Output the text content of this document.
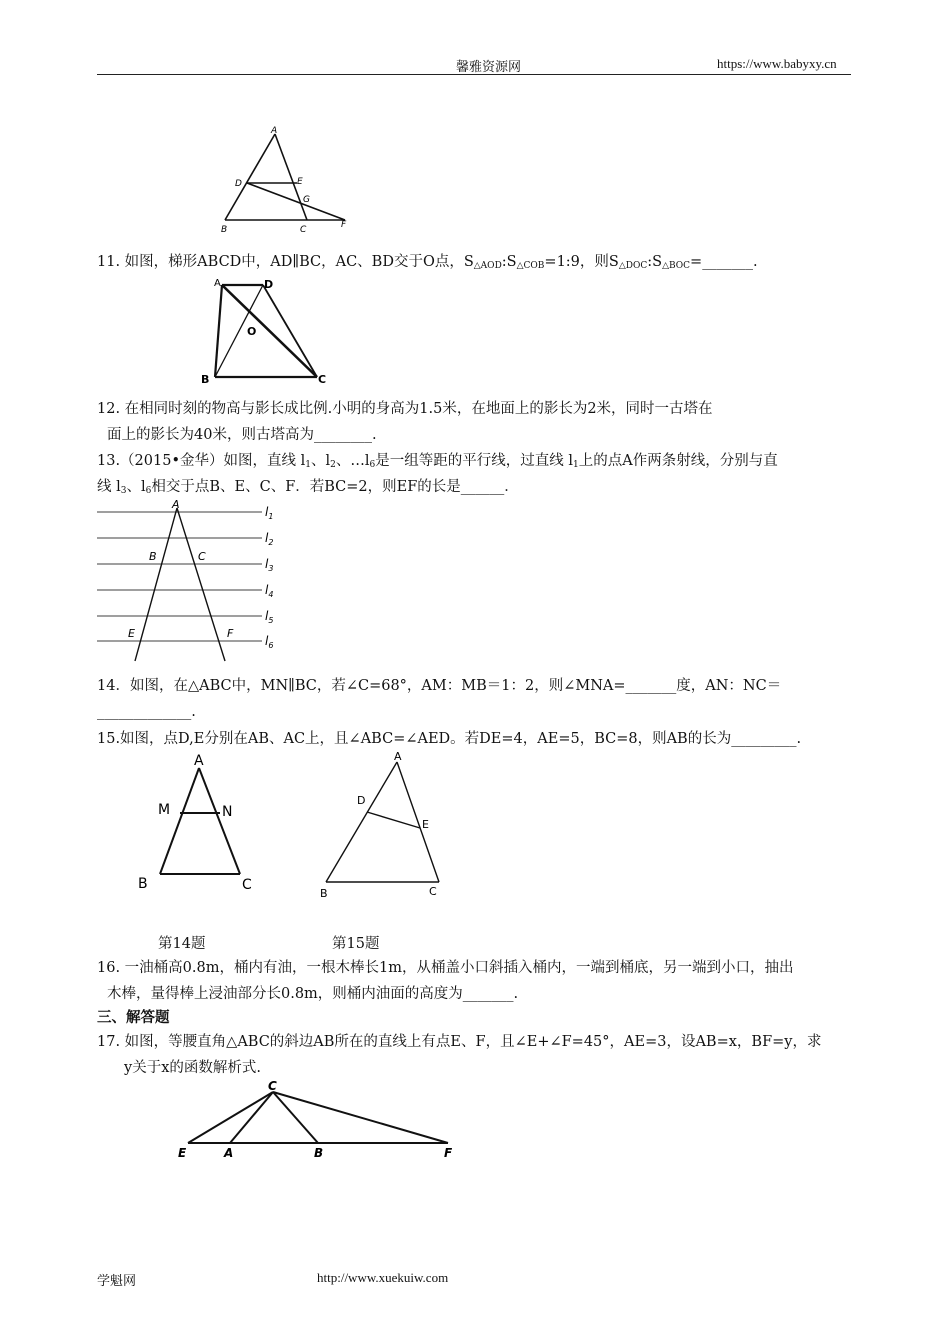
馨雅资源网	https://www.babyxy.cn
A
D	E
G
B	C	F
11. 如图，梯形ABCD中，AD∥BC，AC、BD交于O点，$S_{\triangle AOD}:S_{\triangle COB}=1:9$，则$S_{\triangle DOC}:S_{\triangle BOC}=\_\_\_\_\_\_\_$.
A	D
O
B	C
12. 在相同时刻的物高与影长成比例.小明的身高为1.5米，在地面上的影长为2米，同时一古塔在
面上的影长为40米，则古塔高为________.
13.（2015•金华）如图，直线 $l_1$、$l_2$、$\dots l_6$是一组等距的平行线，过直线 $l_1$上的点A作两条射线，分别与直
线 $l_3$、$l_6$相交于点B、E、C、F．若BC=2，则EF的长是______．
A
B	C
E	F
$l_1$
$l_2$
$l_3$
$l_4$
$l_5$
$l_6$
14．如图，在△ABC中，MN∥BC，若∠C=68°，AM：MB＝1：2，则∠MNA=_______度，AN：NC＝
_____________.
15.如图，点D,E分别在AB、AC上，且∠ABC=∠AED。若DE=4，AE=5，BC=8，则AB的长为_________.
A
M	N
B	C
A
D
E
B	C
第14题	第15题
16. 一油桶高0.8m，桶内有油，一根木棒长1m，从桶盖小口斜插入桶内，一端到桶底，另一端到小口，抽出
木棒，量得棒上浸油部分长0.8m，则桶内油面的高度为_______.
三、解答题
17. 如图，等腰直角△ABC的斜边AB所在的直线上有点E、F，且∠E+∠F=45°，AE=3，设AB=x，BF=y，求
y关于x的函数解析式.
C
E	A	B	F
学魁网	http://www.xuekuiw.com
